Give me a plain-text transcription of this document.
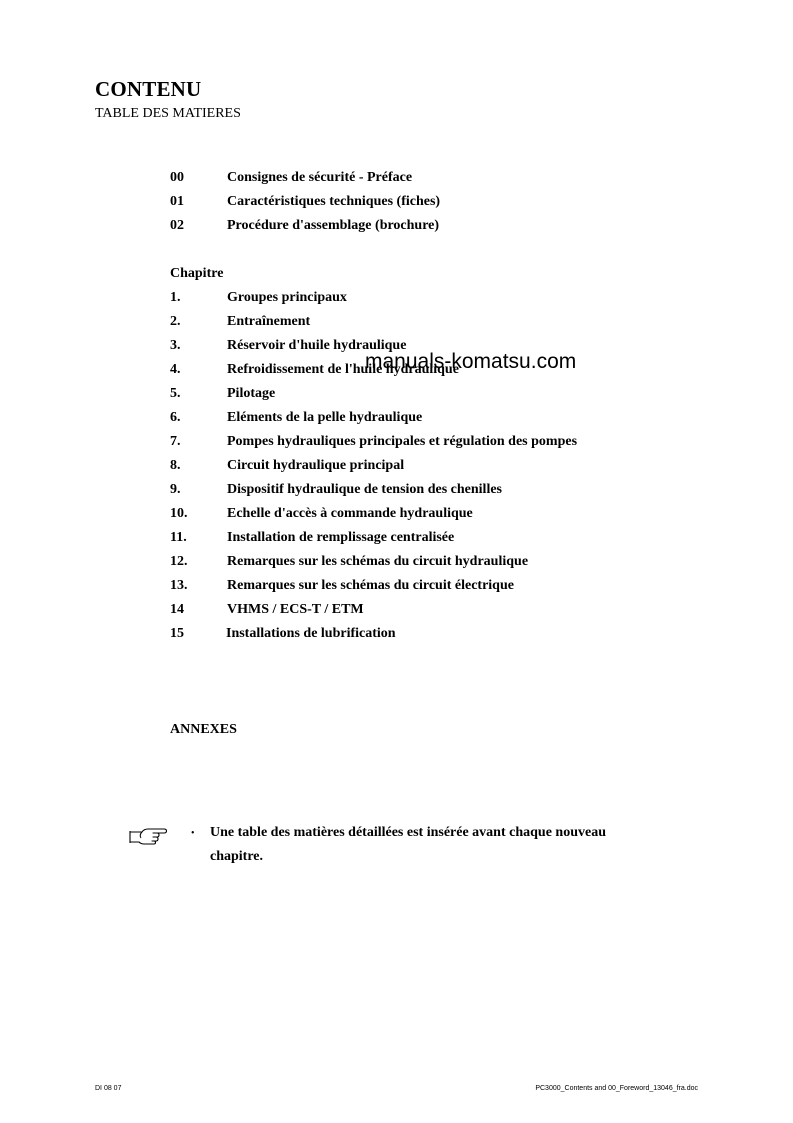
CONTENU
TABLE DES MATIERES
00	Consignes de sécurité - Préface
01	Caractéristiques techniques (fiches)
02	Procédure d'assemblage (brochure)
Chapitre
1.	Groupes principaux
2.	Entraînement
3.	Réservoir d'huile hydraulique
4.	Refroidissement de l'huile hydraulique
5.	Pilotage
6.	Eléments de la pelle hydraulique
7.	Pompes hydrauliques principales et régulation des pompes
8.	Circuit hydraulique principal
9.	Dispositif hydraulique de tension des chenilles
10.	Echelle d'accès à commande hydraulique
11.	Installation de remplissage centralisée
12.	Remarques sur les schémas du circuit hydraulique
13.	Remarques sur les schémas du circuit électrique
14	VHMS / ECS-T / ETM
15	Installations de lubrification
manuals-komatsu.com
ANNEXES
• Une table des matières détaillées est insérée avant chaque nouveau
chapitre.
DI 08 07	PC3000_Contents and 00_Foreword_13046_fra.doc
